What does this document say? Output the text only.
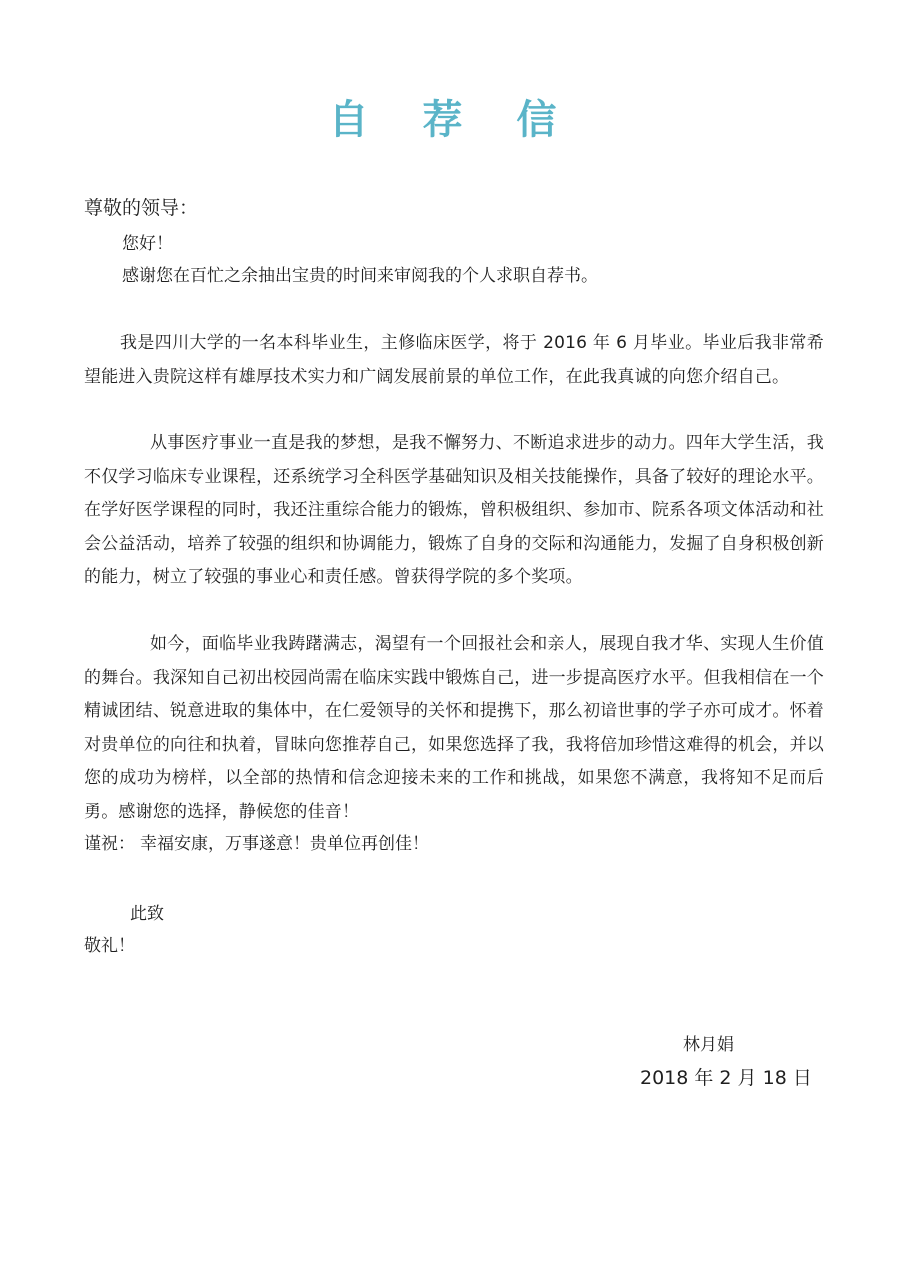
自 荐 信
尊敬的领导：
您好！
感谢您在百忙之余抽出宝贵的时间来审阅我的个人求职自荐书。
我是四川大学的一名本科毕业生，主修临床医学，将于 2016 年 6 月毕业。毕业后我非常希望能进入贵院这样有雄厚技术实力和广阔发展前景的单位工作，在此我真诚的向您介绍自己。
从事医疗事业一直是我的梦想，是我不懈努力、不断追求进步的动力。四年大学生活，我不仅学习临床专业课程，还系统学习全科医学基础知识及相关技能操作，具备了较好的理论水平。在学好医学课程的同时，我还注重综合能力的锻炼，曾积极组织、参加市、院系各项文体活动和社会公益活动，培养了较强的组织和协调能力，锻炼了自身的交际和沟通能力，发掘了自身积极创新的能力，树立了较强的事业心和责任感。曾获得学院的多个奖项。
如今，面临毕业我踌躇满志，渴望有一个回报社会和亲人，展现自我才华、实现人生价值的舞台。我深知自己初出校园尚需在临床实践中锻炼自己，进一步提高医疗水平。但我相信在一个精诚团结、锐意进取的集体中，在仁爱领导的关怀和提携下，那么初谙世事的学子亦可成才。怀着对贵单位的向往和执着，冒昧向您推荐自己，如果您选择了我，我将倍加珍惜这难得的机会，并以您的成功为榜样，以全部的热情和信念迎接未来的工作和挑战，如果您不满意，我将知不足而后勇。感谢您的选择，静候您的佳音！
谨祝： 幸福安康，万事遂意！贵单位再创佳！
此致
敬礼！
林月娟
2018 年 2 月 18 日
